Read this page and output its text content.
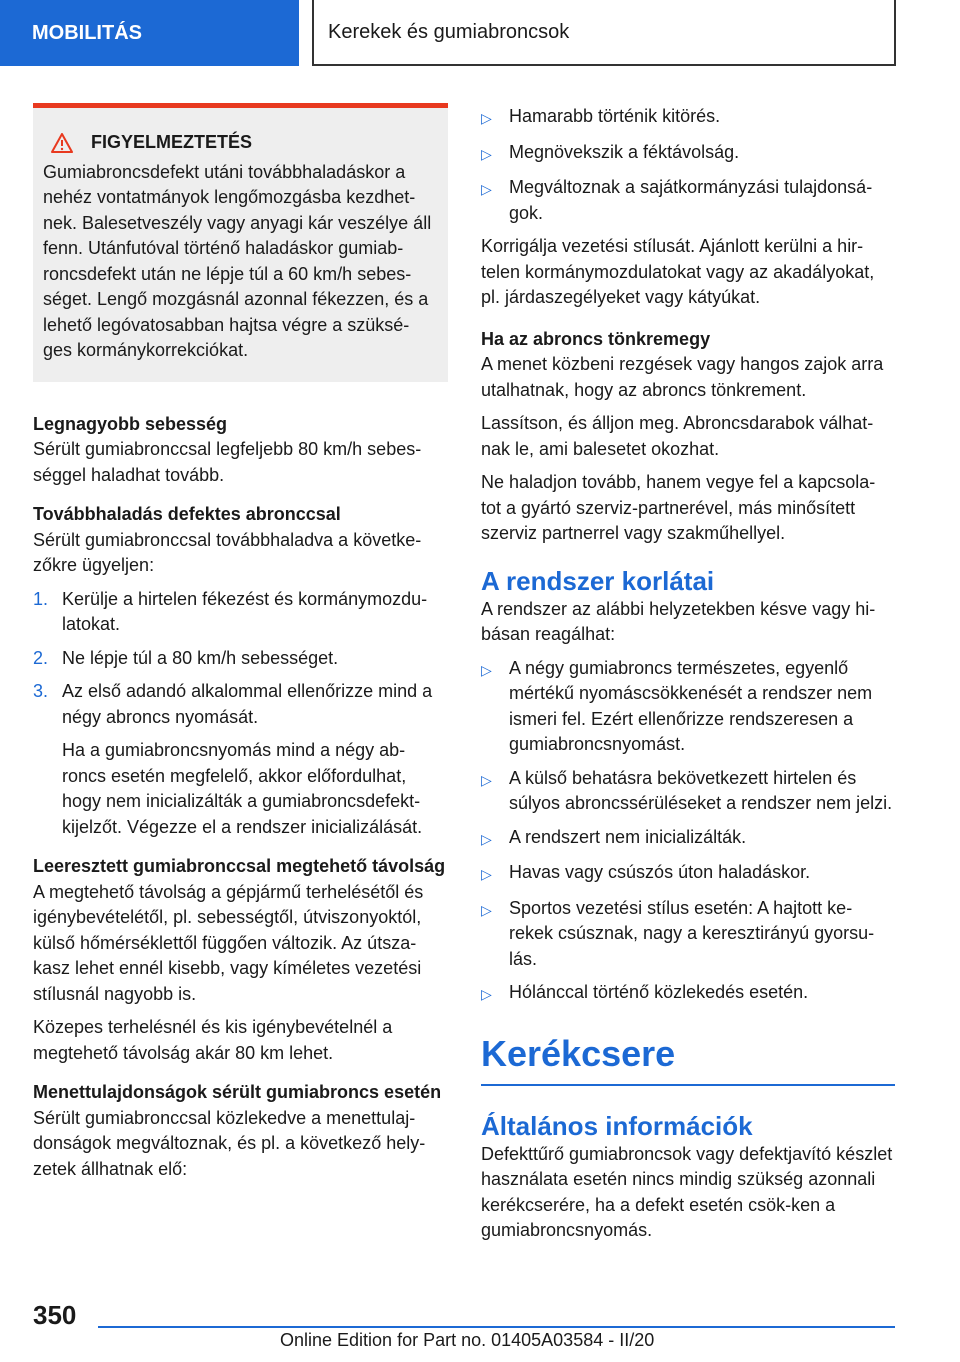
MOBILITÁS	Kerekek és gumiabroncsok
FIGYELMEZTETÉS

Gumiabroncsdefekt utáni továbbhaladáskor a nehéz vontatmányok lengőmozgásba kezdhet-nek. Balesetveszély vagy anyagi kár veszélye áll fenn. Utánfutóval történő haladáskor gumiab-roncsdefekt után ne lépje túl a 60 km/h sebes-séget. Lengő mozgásnál azonnal fékezzen, és a lehető legóvatosabban hajtsa végre a szüksé-ges kormánykorrekciókat.

Legnagyobb sebesség

Sérült gumiabronccsal legfeljebb 80 km/h sebes-séggel haladhat tovább.

Továbbhaladás defektes abronccsal

Sérült gumiabronccsal továbbhaladva a követke-zőkre ügyeljen:

1. Kerülje a hirtelen fékezést és kormánymozdu-latokat.
2. Ne lépje túl a 80 km/h sebességet.
3. Az első adandó alkalommal ellenőrizze mind a négy abroncs nyomását.

Ha a gumiabroncsnyomás mind a négy ab-roncs esetén megfelelő, akkor előfordulhat, hogy nem inicializálták a gumiabroncsdefekt-kijelzőt. Végezze el a rendszer inicializálását.

Leeresztett gumiabronccsal megtehető távolság

A megtehető távolság a gépjármű terhelésétől és igénybevételétől, pl. sebességtől, útviszonyoktól, külső hőmérséklettől függően változik. Az útsza-kasz lehet ennél kisebb, vagy kíméletes vezetési stílusnál nagyobb is.

Közepes terhelésnél és kis igénybevételnél a megtehető távolság akár 80 km lehet.

Menettulajdonságok sérült gumiabroncs esetén

Sérült gumiabronccsal közlekedve a menettulaj-donságok megváltoznak, és pl. a következő hely-zetek állhatnak elő:

▷ Hamarabb történik kitörés.
▷ Megnövekszik a féktávolság.
▷ Megváltoznak a sajátkormányzási tulajdonsá-gok.

Korrigálja vezetési stílusát. Ajánlott kerülni a hir-telen kormánymozdulatokat vagy az akadályokat, pl. járdaszegélyeket vagy kátyúkat.

Ha az abroncs tönkremegy

A menet közbeni rezgések vagy hangos zajok arra utalhatnak, hogy az abroncs tönkrement.

Lassítson, és álljon meg. Abroncsdarabok válhat-nak le, ami balesetet okozhat.

Ne haladjon tovább, hanem vegye fel a kapcsola-tot a gyártó szerviz-partnerével, más minősített szerviz partnerrel vagy szakműhellyel.

A rendszer korlátai

A rendszer az alábbi helyzetekben késve vagy hi-básan reagálhat:

▷ A négy gumiabroncs természetes, egyenlő mértékű nyomáscsökkenését a rendszer nem ismeri fel. Ezért ellenőrizze rendszeresen a gumiabroncsnyomást.
▷ A külső behatásra bekövetkezett hirtelen és súlyos abroncssérüléseket a rendszer nem jelzi.
▷ A rendszert nem inicializálták.
▷ Havas vagy csúszós úton haladáskor.
▷ Sportos vezetési stílus esetén: A hajtott ke-rekek csúsznak, nagy a keresztirányú gyorsu-lás.
▷ Hólánccal történő közlekedés esetén.
Kerékcsere
Általános információk

Defekttűrő gumiabroncsok vagy defektjavító készlet használata esetén nincs mindig szükség azonnali kerékcserére, ha a defekt esetén csök-ken a gumiabroncsnyomás.

350
Online Edition for Part no. 01405A03584 - II/20
